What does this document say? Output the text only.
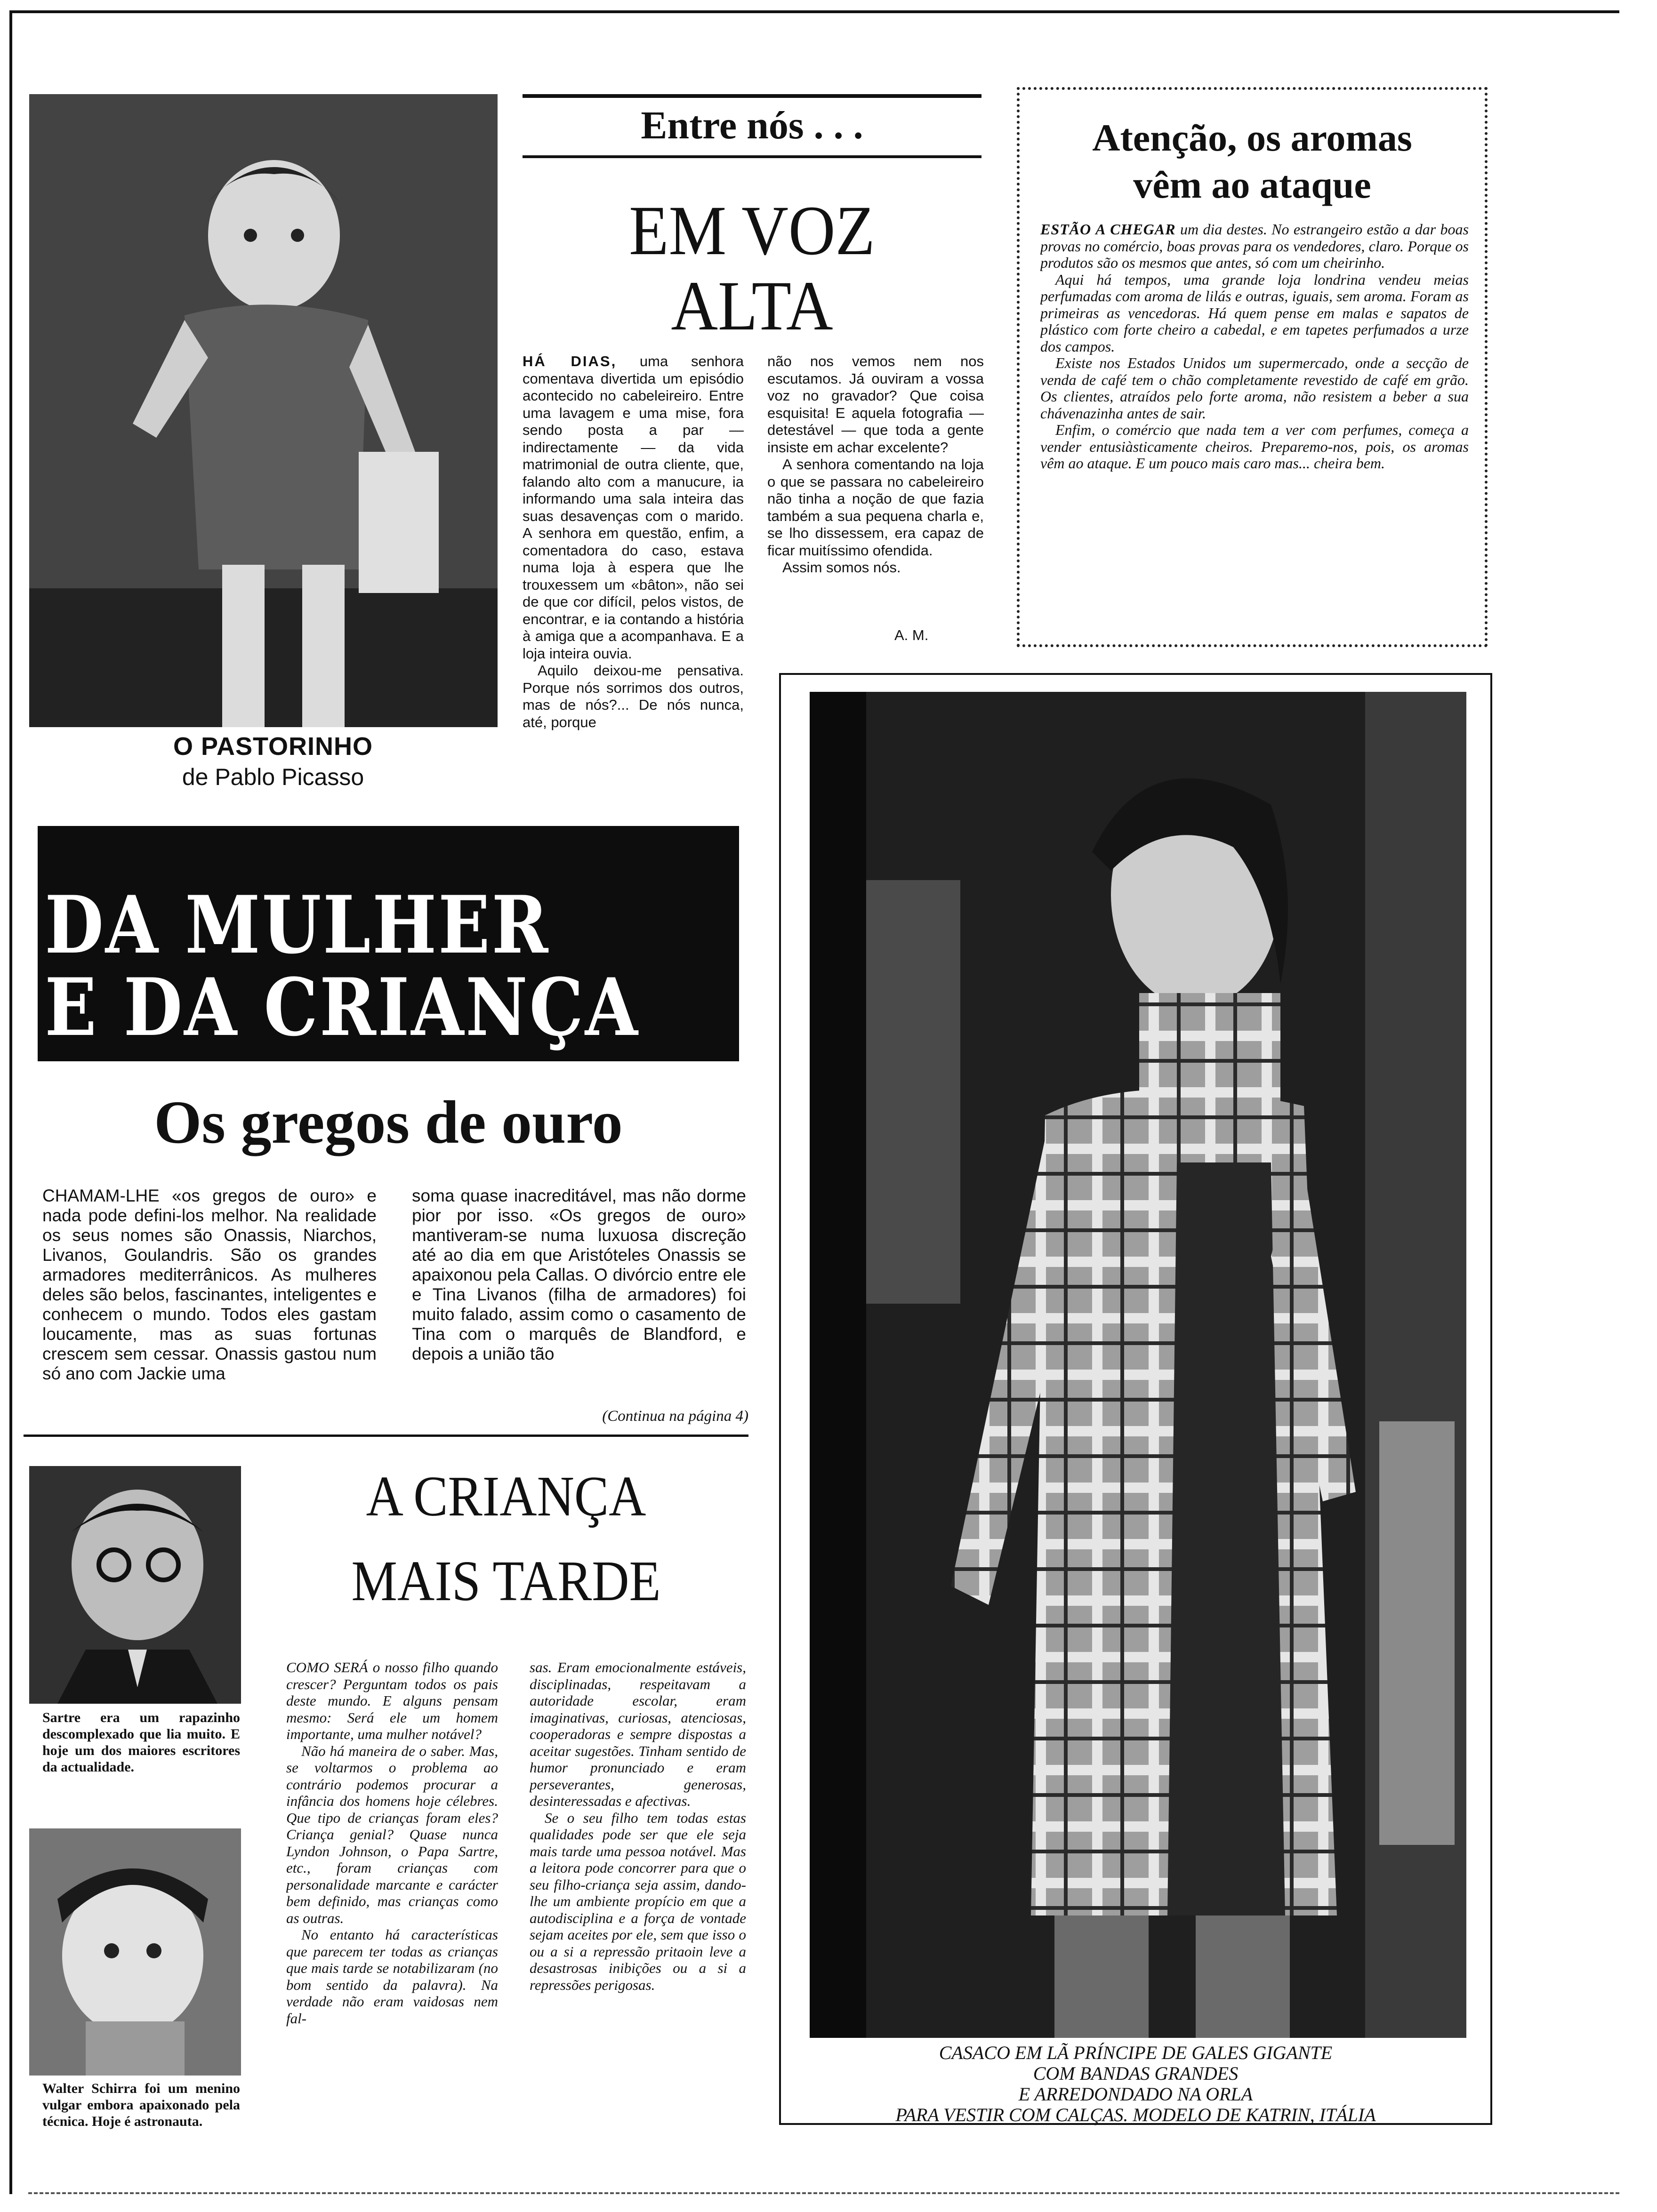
O PASTORINHO
de Pablo Picasso
Entre nós . . .
EM VOZ
ALTA

HÁ DIAS, uma senhora comentava divertida um episódio acontecido no cabeleireiro. Entre uma lavagem e uma mise, fora sendo posta a par — indirectamente — da vida matrimonial de outra cliente, que, falando alto com a manucure, ia informando uma sala inteira das suas desavenças com o marido. A senhora em questão, enfim, a comentadora do caso, estava numa loja à espera que lhe trouxessem um «bâton», não sei de que cor difícil, pelos vistos, de encontrar, e ia contando a história à amiga que a acompanhava. E a loja inteira ouvia.

Aquilo deixou-me pensativa. Porque nós sorrimos dos outros, mas de nós?... De nós nunca, até, porque

não nos vemos nem nos escutamos. Já ouviram a vossa voz no gravador? Que coisa esquisita! E aquela fotografia — detestável — que toda a gente insiste em achar excelente?

A senhora comentando na loja o que se passara no cabeleireiro não tinha a noção de que fazia também a sua pequena charla e, se lho dissessem, era capaz de ficar muitíssimo ofendida.

Assim somos nós.

A. M.
Atenção, os aromas
vêm ao ataque

ESTÃO A CHEGAR um dia destes. No estrangeiro estão a dar boas provas no comércio, boas provas para os vendedores, claro. Porque os produtos são os mesmos que antes, só com um cheirinho.

Aqui há tempos, uma grande loja londrina vendeu meias perfumadas com aroma de lilás e outras, iguais, sem aroma. Foram as primeiras as vencedoras. Há quem pense em malas e sapatos de plástico com forte cheiro a cabedal, e em tapetes perfumados a urze dos campos.

Existe nos Estados Unidos um supermercado, onde a secção de venda de café tem o chão completamente revestido de café em grão. Os clientes, atraídos pelo forte aroma, não resistem a beber a sua chávenazinha antes de sair.

Enfim, o comércio que nada tem a ver com perfumes, começa a vender entusiàsticamente cheiros. Preparemo-nos, pois, os aromas vêm ao ataque. E um pouco mais caro mas... cheira bem.

DA MULHER
E DA CRIANÇA
Os gregos de ouro
CHAMAM-LHE «os gregos de ouro» e nada pode defini-los melhor. Na realidade os seus nomes são Onassis, Niarchos, Livanos, Goulandris. São os grandes armadores mediterrânicos. As mulheres deles são belos, fascinantes, inteligentes e conhecem o mundo. Todos eles gastam loucamente, mas as suas fortunas crescem sem cessar. Onassis gastou num só ano com Jackie uma
soma quase inacreditável, mas não dorme pior por isso. «Os gregos de ouro» mantiveram-se numa luxuosa discreção até ao dia em que Aristóteles Onassis se apaixonou pela Callas. O divórcio entre ele e Tina Livanos (filha de armadores) foi muito falado, assim como o casamento de Tina com o marquês de Blandford, e depois a união tão
(Continua na página 4)
Sartre era um rapazinho descomplexado que lia muito. E hoje um dos maiores escritores da actualidade.
Walter Schirra foi um menino vulgar embora apaixonado pela técnica. Hoje é astronauta.
A CRIANÇA
MAIS TARDE

COMO SERÁ o nosso filho quando crescer? Perguntam todos os pais deste mundo. E alguns pensam mesmo: Será ele um homem importante, uma mulher notável?

Não há maneira de o saber. Mas, se voltarmos o problema ao contrário podemos procurar a infância dos homens hoje célebres. Que tipo de crianças foram eles? Criança genial? Quase nunca Lyndon Johnson, o Papa Sartre, etc., foram crianças com personalidade marcante e carácter bem definido, mas crianças como as outras.

No entanto há características que parecem ter todas as crianças que mais tarde se notabilizaram (no bom sentido da palavra). Na verdade não eram vaidosas nem fal-

sas. Eram emocionalmente estáveis, disciplinadas, respeitavam a autoridade escolar, eram imaginativas, curiosas, atenciosas, cooperadoras e sempre dispostas a aceitar sugestões. Tinham sentido de humor pronunciado e eram perseverantes, generosas, desinteressadas e afectivas.

Se o seu filho tem todas estas qualidades pode ser que ele seja mais tarde uma pessoa notável. Mas a leitora pode concorrer para que o seu filho-criança seja assim, dando-lhe um ambiente propício em que a autodisciplina e a força de vontade sejam aceites por ele, sem que isso o ou a si a repressão pritaoin leve a desastrosas inibições ou a si a repressões perigosas.

CASACO EM LÃ PRÍNCIPE DE GALES GIGANTE
COM BANDAS GRANDES
E ARREDONDADO NA ORLA
PARA VESTIR COM CALÇAS. MODELO DE KATRIN, ITÁLIA
